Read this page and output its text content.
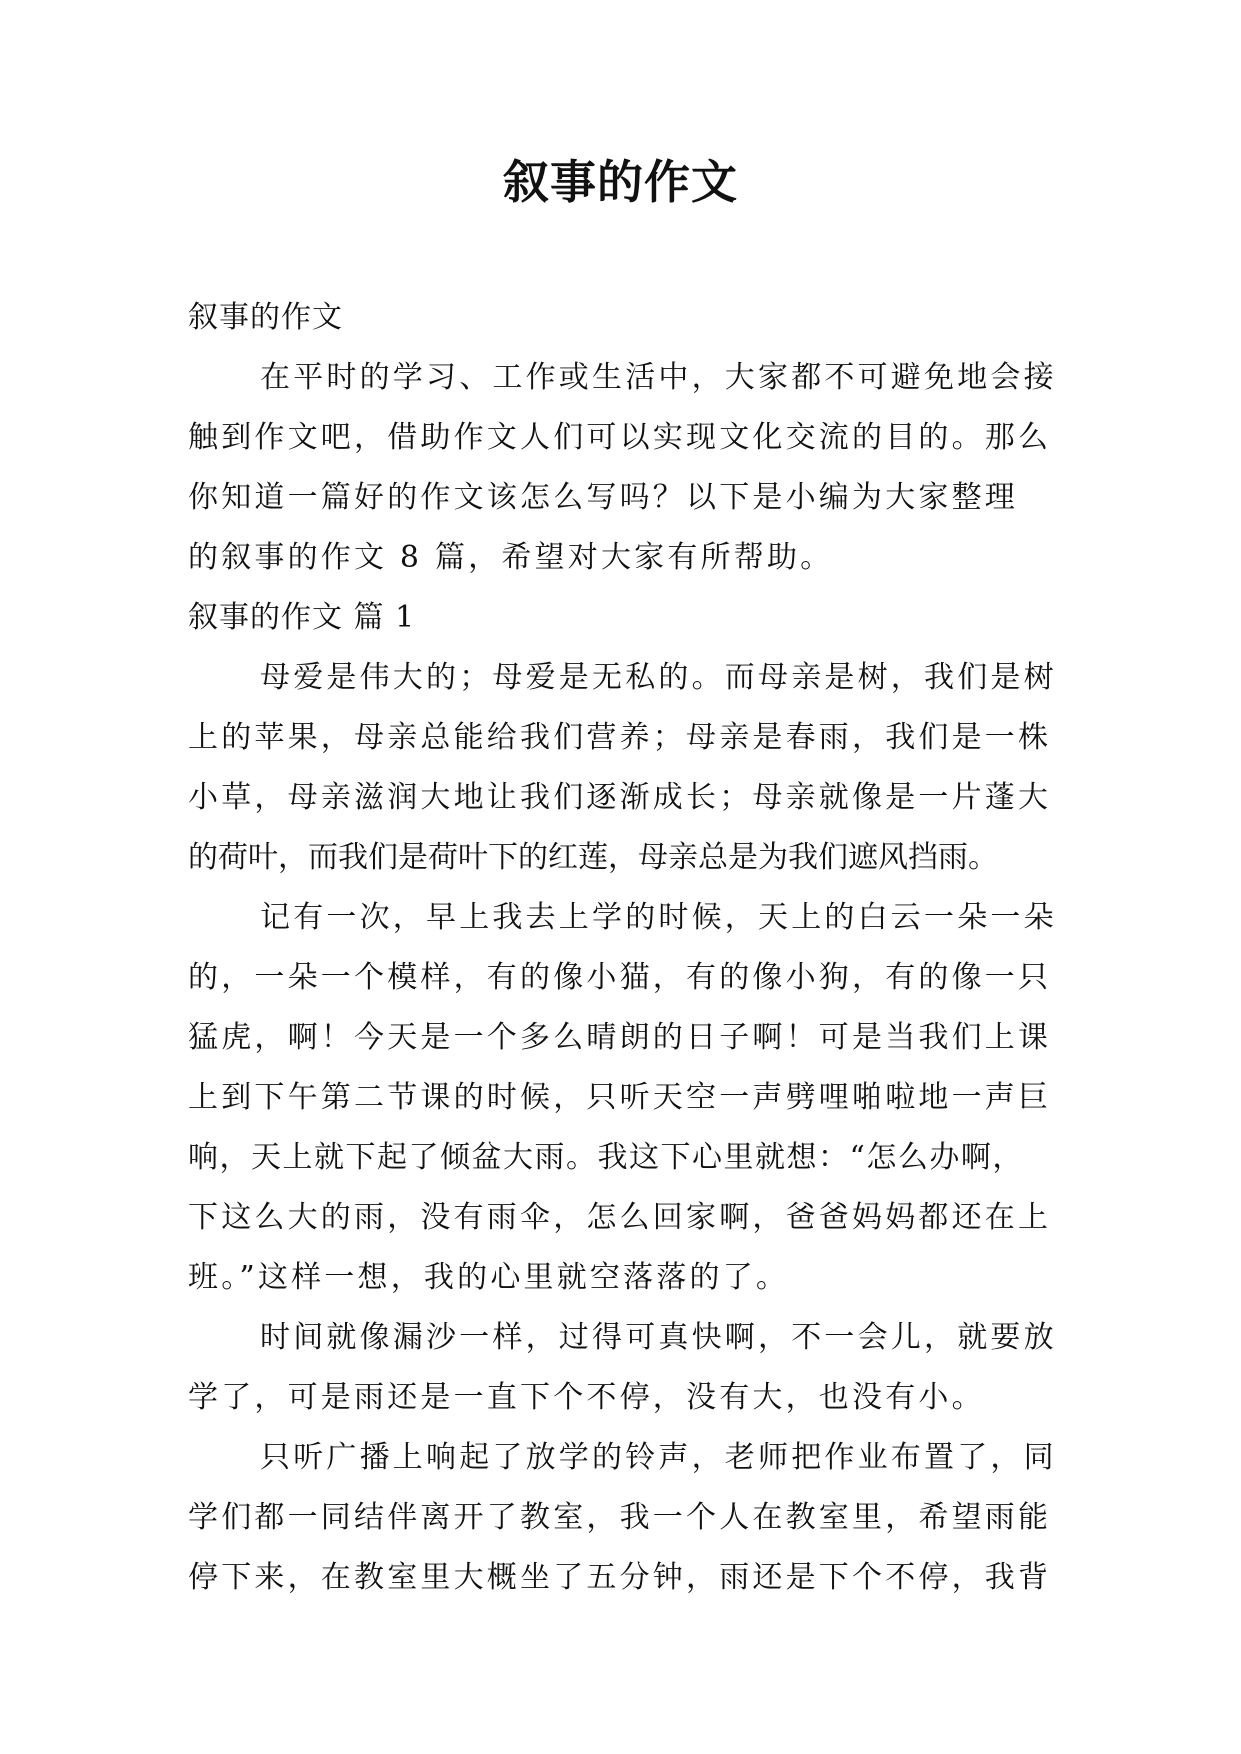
叙事的作文
叙事的作文
在平时的学习、工作或生活中，大家都不可避免地会接
触到作文吧，借助作文人们可以实现文化交流的目的。那么
你知道一篇好的作文该怎么写吗？以下是小编为大家整理
的叙事的作文 8 篇，希望对大家有所帮助。
叙事的作文 篇 1
母爱是伟大的；母爱是无私的。而母亲是树，我们是树
上的苹果，母亲总能给我们营养；母亲是春雨，我们是一株
小草，母亲滋润大地让我们逐渐成长；母亲就像是一片蓬大
的荷叶，而我们是荷叶下的红莲，母亲总是为我们遮风挡雨。
记有一次，早上我去上学的时候，天上的白云一朵一朵
的，一朵一个模样，有的像小猫，有的像小狗，有的像一只
猛虎，啊！今天是一个多么晴朗的日子啊！可是当我们上课
上到下午第二节课的时候，只听天空一声劈哩啪啦地一声巨
响，天上就下起了倾盆大雨。我这下心里就想：“怎么办啊，
下这么大的雨，没有雨伞，怎么回家啊，爸爸妈妈都还在上
班。”这样一想，我的心里就空落落的了。
时间就像漏沙一样，过得可真快啊，不一会儿，就要放
学了，可是雨还是一直下个不停，没有大，也没有小。
只听广播上响起了放学的铃声，老师把作业布置了，同
学们都一同结伴离开了教室，我一个人在教室里，希望雨能
停下来，在教室里大概坐了五分钟，雨还是下个不停，我背
